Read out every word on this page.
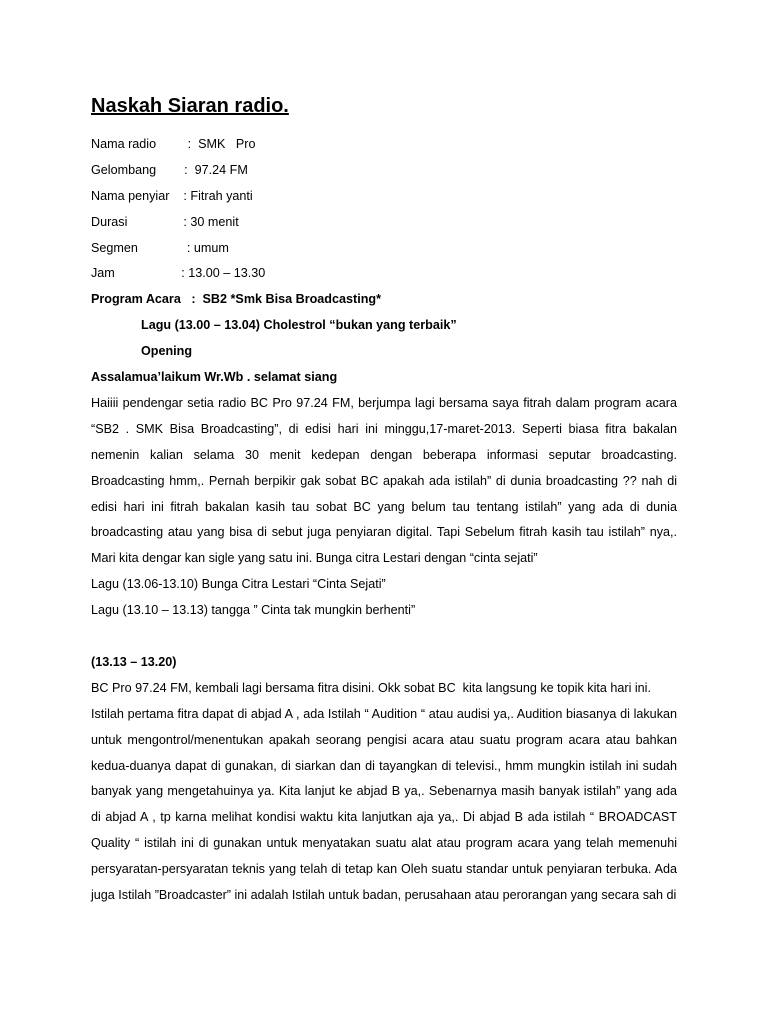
Naskah Siaran radio.
Nama radio
	:  SMK   Pro
Gelombang
:  97.24 FM
Nama penyiar
: Fitrah yanti
Durasi
	: 30 menit
Segmen
	: umum
Jam
	: 13.00 – 13.30
Program Acara   :  SB2 *Smk Bisa Broadcasting*
Lagu (13.00 – 13.04) Cholestrol “bukan yang terbaik”
Opening
Assalamua’laikum Wr.Wb . selamat siang
Haiiii pendengar setia radio BC Pro 97.24 FM, berjumpa lagi bersama saya fitrah dalam program acara “SB2 . SMK Bisa Broadcasting”, di edisi hari ini minggu,17-maret-2013. Seperti biasa fitra bakalan nemenin kalian selama 30 menit kedepan dengan beberapa informasi seputar broadcasting. Broadcasting hmm,. Pernah berpikir gak sobat BC apakah ada istilah” di dunia broadcasting ?? nah di edisi hari ini fitrah bakalan kasih tau sobat BC yang belum tau tentang istilah” yang ada di dunia broadcasting atau yang bisa di sebut juga penyiaran digital. Tapi Sebelum fitrah kasih tau istilah” nya,. Mari kita dengar kan sigle yang satu ini. Bunga citra Lestari dengan “cinta sejati”
Lagu (13.06-13.10) Bunga Citra Lestari “Cinta Sejati”
Lagu (13.10 – 13.13) tangga ” Cinta tak mungkin berhenti”
(13.13 – 13.20)
BC Pro 97.24 FM, kembali lagi bersama fitra disini. Okk sobat BC  kita langsung ke topik kita hari ini.
Istilah pertama fitra dapat di abjad A , ada Istilah “ Audition “ atau audisi ya,. Audition biasanya di lakukan untuk mengontrol/menentukan apakah seorang pengisi acara atau suatu program acara atau bahkan kedua-duanya dapat di gunakan, di siarkan dan di tayangkan di televisi., hmm mungkin istilah ini sudah banyak yang mengetahuinya ya. Kita lanjut ke abjad B ya,. Sebenarnya masih banyak istilah” yang ada di abjad A , tp karna melihat kondisi waktu kita lanjutkan aja ya,. Di abjad B ada istilah “ BROADCAST Quality “ istilah ini di gunakan untuk menyatakan suatu alat atau program acara yang telah memenuhi persyaratan-persyaratan teknis yang telah di tetap kan Oleh suatu standar untuk penyiaran terbuka. Ada juga Istilah ”Broadcaster” ini adalah Istilah untuk badan, perusahaan atau perorangan yang secara sah di
